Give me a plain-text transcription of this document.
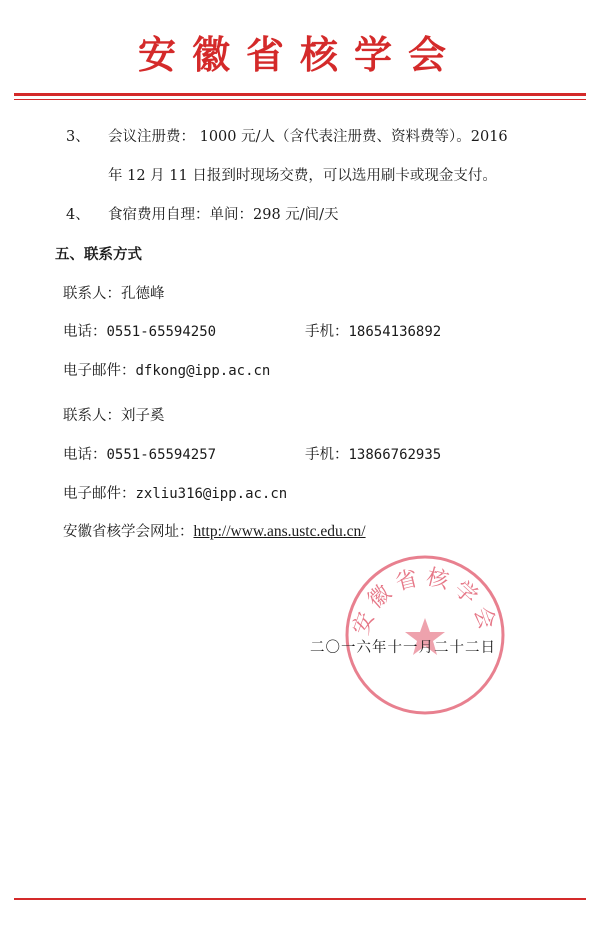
安徽省核学会
3、 会议注册费： 1000 元/人（含代表注册费、资料费等）。2016
年 12 月 11 日报到时现场交费，可以选用刷卡或现金支付。
4、 食宿费用自理：单间：298 元/间/天
五、联系方式
联系人：孔德峰
电话：0551-65594250	手机：18654136892
电子邮件：dfkong@ipp.ac.cn
联系人：刘子奚
电话：0551-65594257	手机：13866762935
电子邮件：zxliu316@ipp.ac.cn
安徽省核学会网址：http://www.ans.ustc.edu.cn/
安徽省核学会
二〇一六年十一月二十二日
